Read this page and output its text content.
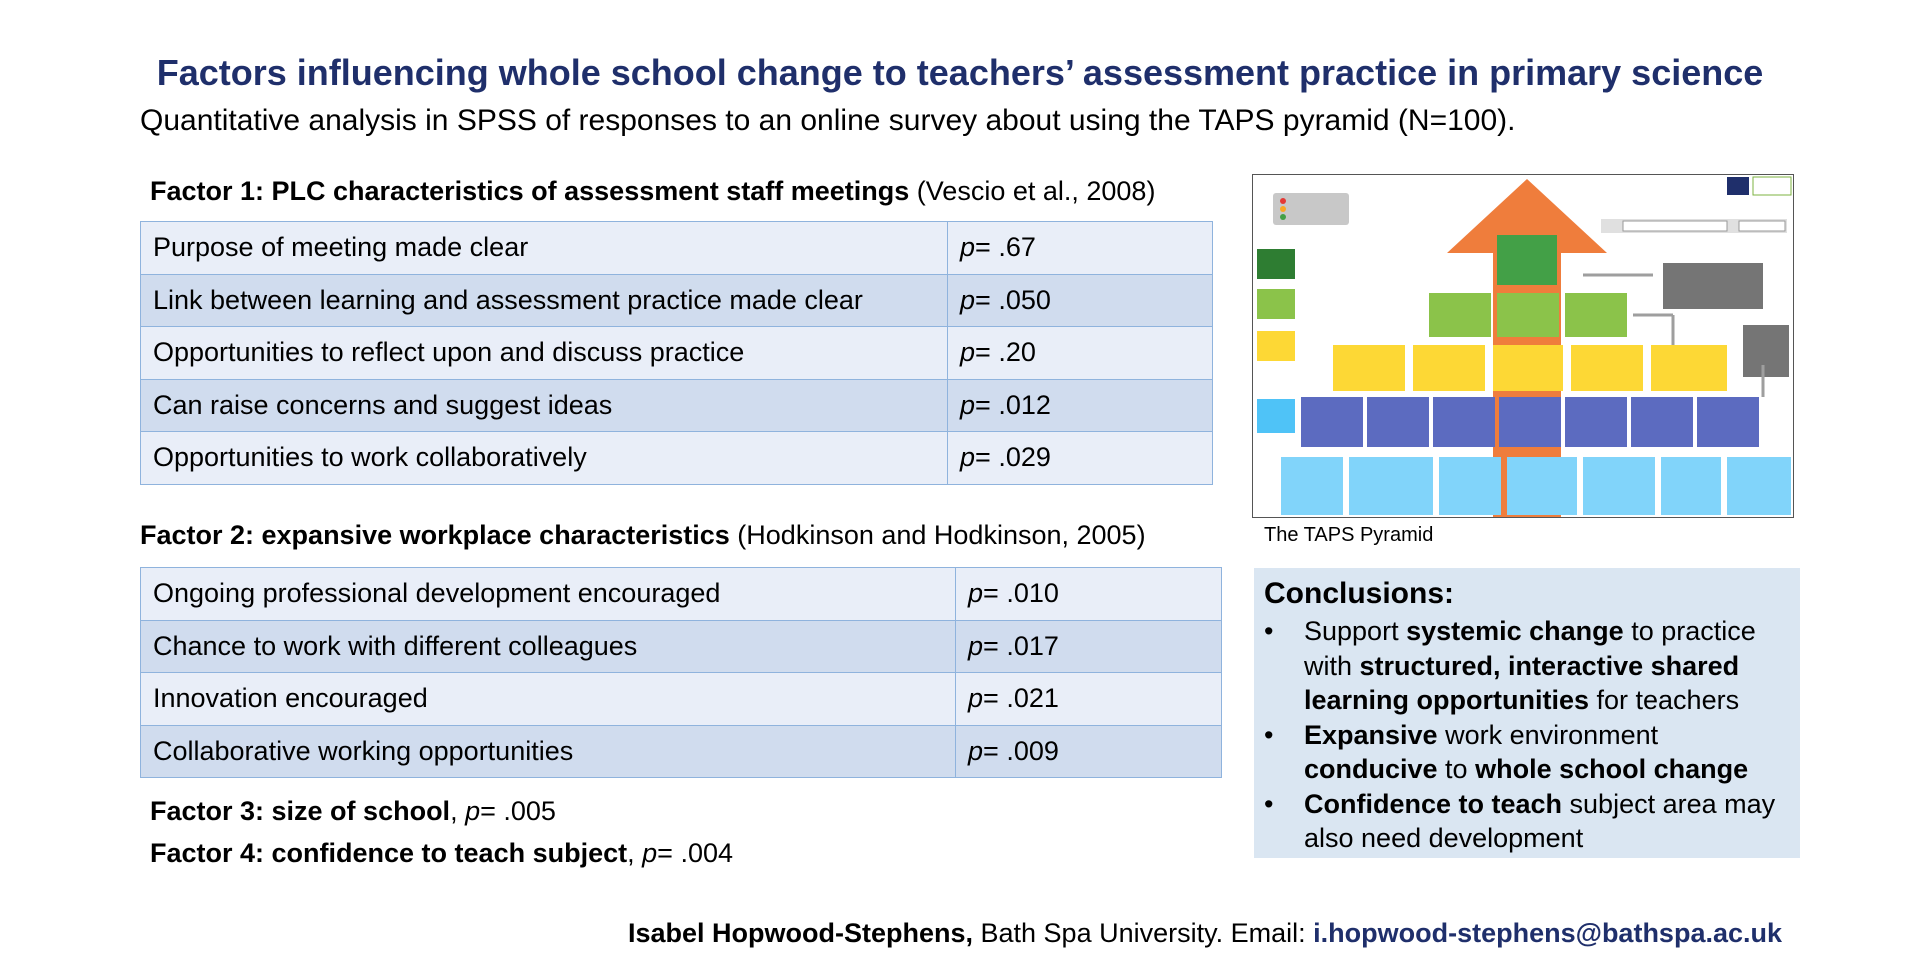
Factors influencing whole school change to teachers’ assessment practice in primary science
Quantitative analysis in SPSS of responses to an online survey about using the TAPS pyramid (N=100).
Factor 1: PLC characteristics of assessment staff meetings (Vescio et al., 2008)
Purpose of meeting made clear	p= .67
Link between learning and assessment practice made clear	p= .050
Opportunities to reflect upon and discuss practice	p= .20
Can raise concerns and suggest ideas	p= .012
Opportunities to work collaboratively	p= .029
Factor 2: expansive workplace characteristics (Hodkinson and Hodkinson, 2005)
Ongoing professional development encouraged	p= .010
Chance to work with different colleagues	p= .017
Innovation encouraged	p= .021
Collaborative working opportunities	p= .009
Factor 3: size of school, p= .005
Factor 4: confidence to teach subject, p= .004
The TAPS Pyramid
Conclusions:
• Support systemic change to practice with structured, interactive shared learning opportunities for teachers
• Expansive work environment conducive to whole school change
• Confidence to teach subject area may also need development
Isabel Hopwood-Stephens, Bath Spa University. Email: i.hopwood-stephens@bathspa.ac.uk
